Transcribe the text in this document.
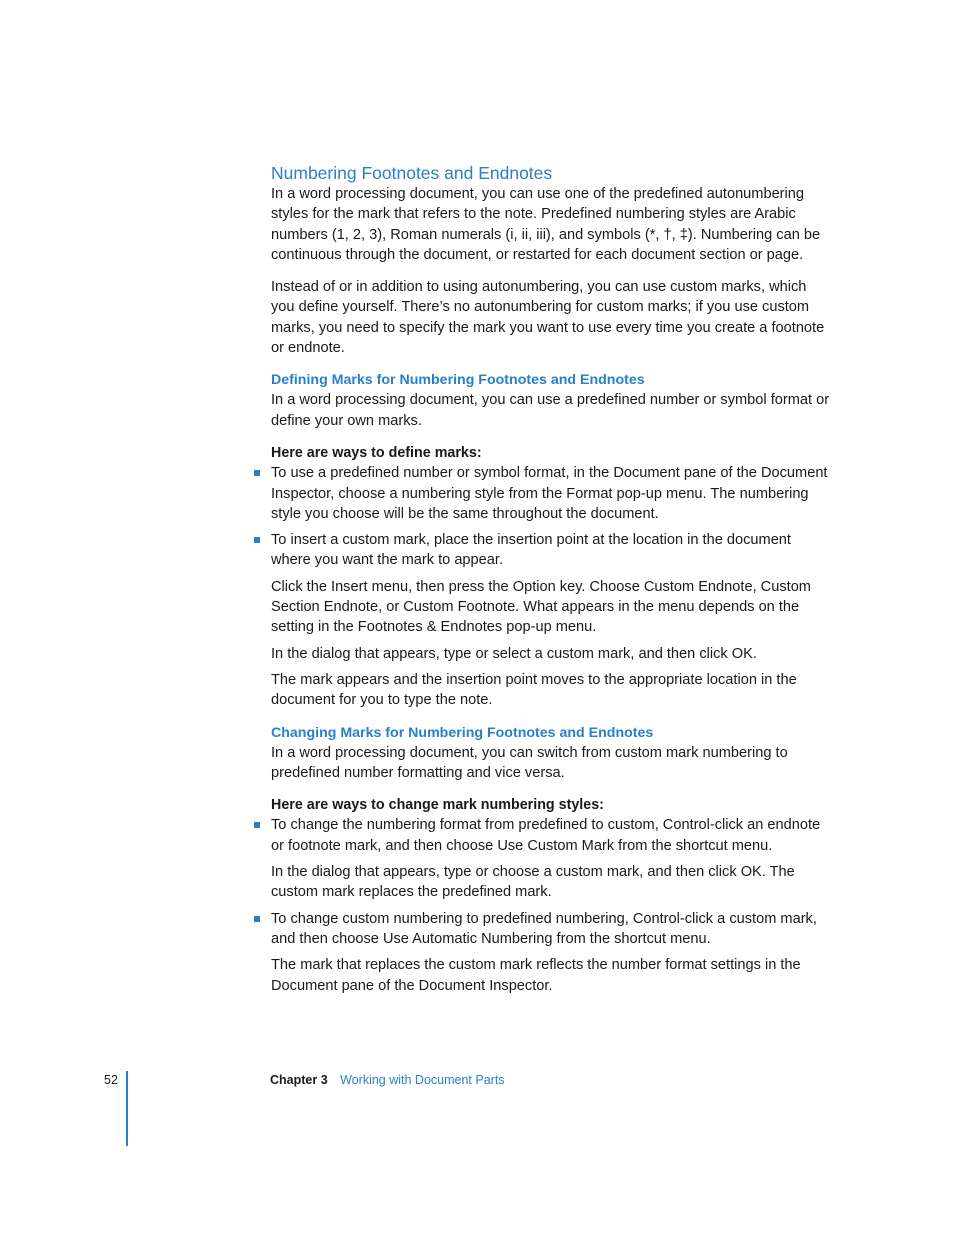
Numbering Footnotes and Endnotes

In a word processing document, you can use one of the predefined autonumbering styles for the mark that refers to the note. Predefined numbering styles are Arabic numbers (1, 2, 3), Roman numerals (i, ii, iii), and symbols (*, †, ‡). Numbering can be continuous through the document, or restarted for each document section or page.

Instead of or in addition to using autonumbering, you can use custom marks, which you define yourself. There’s no autonumbering for custom marks; if you use custom marks, you need to specify the mark you want to use every time you create a footnote or endnote.

Defining Marks for Numbering Footnotes and Endnotes

In a word processing document, you can use a predefined number or symbol format or define your own marks.

Here are ways to define marks:

To use a predefined number or symbol format, in the Document pane of the Document Inspector, choose a numbering style from the Format pop-up menu. The numbering style you choose will be the same throughout the document.

To insert a custom mark, place the insertion point at the location in the document where you want the mark to appear.

Click the Insert menu, then press the Option key. Choose Custom Endnote, Custom Section Endnote, or Custom Footnote. What appears in the menu depends on the setting in the Footnotes & Endnotes pop-up menu.

In the dialog that appears, type or select a custom mark, and then click OK.

The mark appears and the insertion point moves to the appropriate location in the document for you to type the note.

Changing Marks for Numbering Footnotes and Endnotes

In a word processing document, you can switch from custom mark numbering to predefined number formatting and vice versa.

Here are ways to change mark numbering styles:

To change the numbering format from predefined to custom, Control-click an endnote or footnote mark, and then choose Use Custom Mark from the shortcut menu.

In the dialog that appears, type or choose a custom mark, and then click OK. The custom mark replaces the predefined mark.

To change custom numbering to predefined numbering, Control-click a custom mark, and then choose Use Automatic Numbering from the shortcut menu.

The mark that replaces the custom mark reflects the number format settings in the Document pane of the Document Inspector.

52	Chapter 3 Working with Document Parts
